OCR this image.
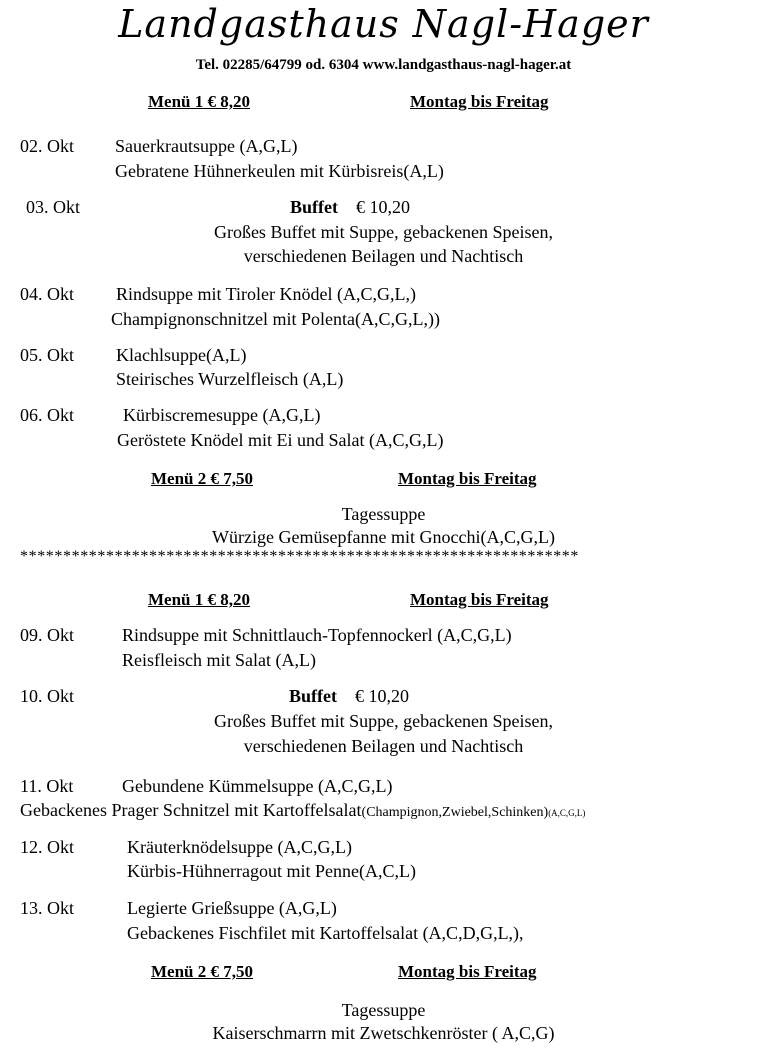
Landgasthaus Nagl-Hager
Tel. 02285/64799 od. 6304 www.landgasthaus-nagl-hager.at
Menü 1 € 8,20	Montag bis Freitag
02. Okt Sauerkrautsuppe (A,G,L)
Gebratene Hühnerkeulen mit Kürbisreis(A,L)
03. Okt	Buffet € 10,20
Großes Buffet mit Suppe, gebackenen Speisen,
verschiedenen Beilagen und Nachtisch
04. Okt Rindsuppe mit Tiroler Knödel (A,C,G,L,)
Champignonschnitzel mit Polenta(A,C,G,L,))
05. Okt Klachlsuppe(A,L)
Steirisches Wurzelfleisch (A,L)
06. Okt	Kürbiscremesuppe (A,G,L)
Geröstete Knödel mit Ei und Salat (A,C,G,L)
Menü 2 € 7,50	Montag bis Freitag
Tagessuppe
Würzige Gemüsepfanne mit Gnocchi(A,C,G,L)
*****************************************************************
Menü 1 € 8,20	Montag bis Freitag
09. Okt	Rindsuppe mit Schnittlauch-Topfennockerl (A,C,G,L)
Reisfleisch mit Salat (A,L)
10. Okt	Buffet € 10,20
Großes Buffet mit Suppe, gebackenen Speisen,
verschiedenen Beilagen und Nachtisch
11. Okt	Gebundene Kümmelsuppe (A,C,G,L)
Gebackenes Prager Schnitzel mit Kartoffelsalat(Champignon,Zwiebel,Schinken)(A,C,G,L)
12. Okt	Kräuterknödelsuppe (A,C,G,L)
Kürbis-Hühnerragout mit Penne(A,C,L)
13. Okt	Legierte Grießsuppe (A,G,L)
Gebackenes Fischfilet mit Kartoffelsalat (A,C,D,G,L,),
Menü 2 € 7,50	Montag bis Freitag
Tagessuppe
Kaiserschmarrn mit Zwetschkenröster ( A,C,G)
